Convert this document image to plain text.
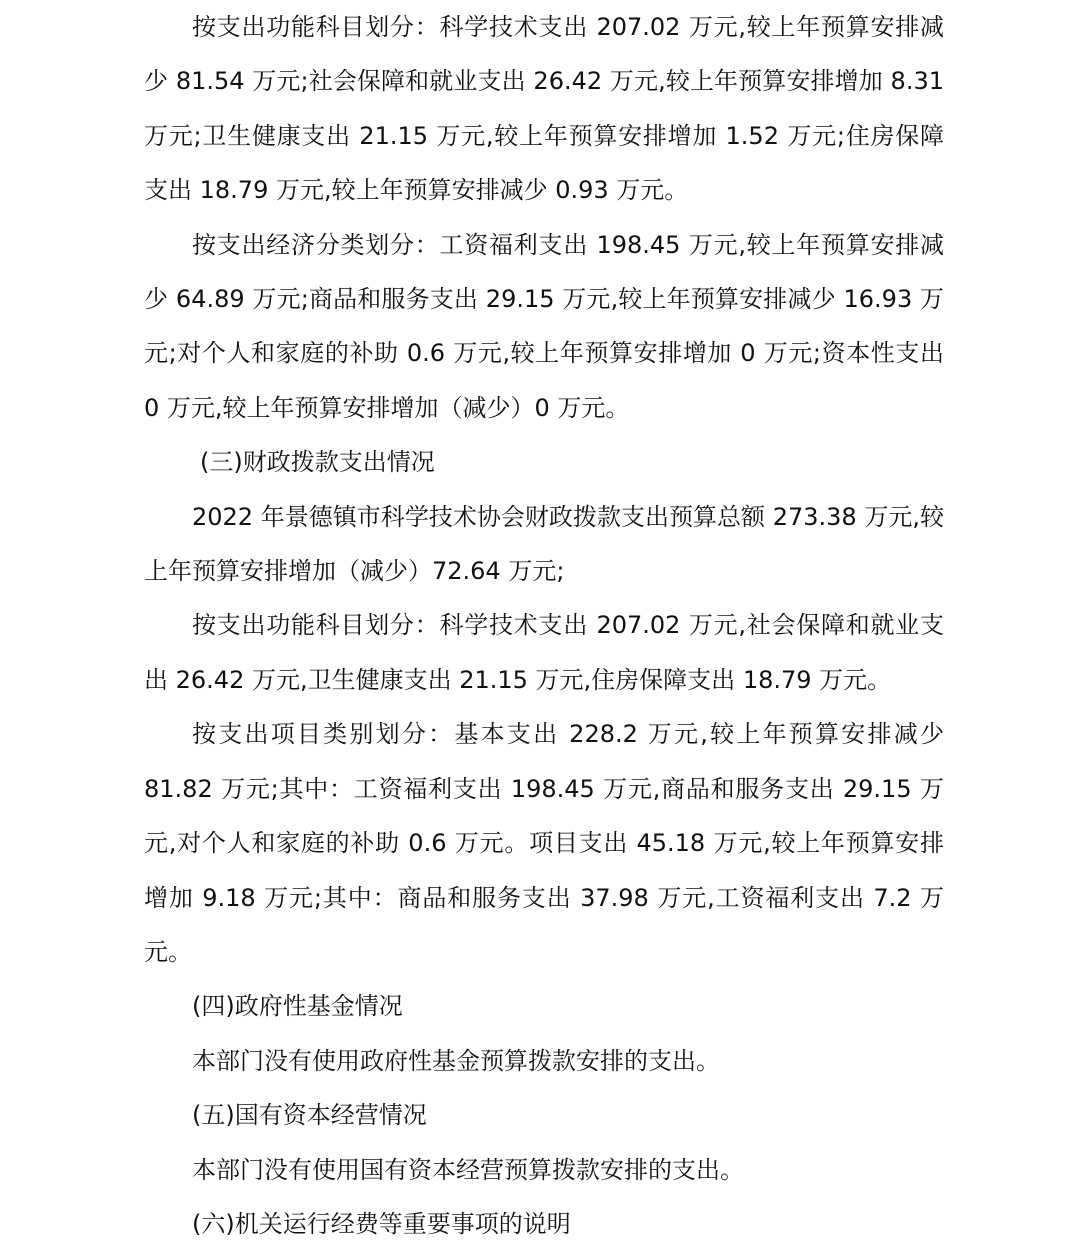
按支出功能科目划分：科学技术支出 207.02 万元,较上年预算安排减少 81.54 万元;社会保障和就业支出 26.42 万元,较上年预算安排增加 8.31 万元;卫生健康支出 21.15 万元,较上年预算安排增加 1.52 万元;住房保障支出 18.79 万元,较上年预算安排减少 0.93 万元。

按支出经济分类划分：工资福利支出 198.45 万元,较上年预算安排减少 64.89 万元;商品和服务支出 29.15 万元,较上年预算安排减少 16.93 万元;对个人和家庭的补助 0.6 万元,较上年预算安排增加 0 万元;资本性支出 0 万元,较上年预算安排增加（减少）0 万元。

(三)财政拨款支出情况

2022 年景德镇市科学技术协会财政拨款支出预算总额 273.38 万元,较上年预算安排增加（减少）72.64 万元;

按支出功能科目划分：科学技术支出 207.02 万元,社会保障和就业支出 26.42 万元,卫生健康支出 21.15 万元,住房保障支出 18.79 万元。

按支出项目类别划分：基本支出 228.2 万元,较上年预算安排减少 81.82 万元;其中：工资福利支出 198.45 万元,商品和服务支出 29.15 万元,对个人和家庭的补助 0.6 万元。项目支出 45.18 万元,较上年预算安排增加 9.18 万元;其中：商品和服务支出 37.98 万元,工资福利支出 7.2 万元。

(四)政府性基金情况

本部门没有使用政府性基金预算拨款安排的支出。

(五)国有资本经营情况

本部门没有使用国有资本经营预算拨款安排的支出。

(六)机关运行经费等重要事项的说明
